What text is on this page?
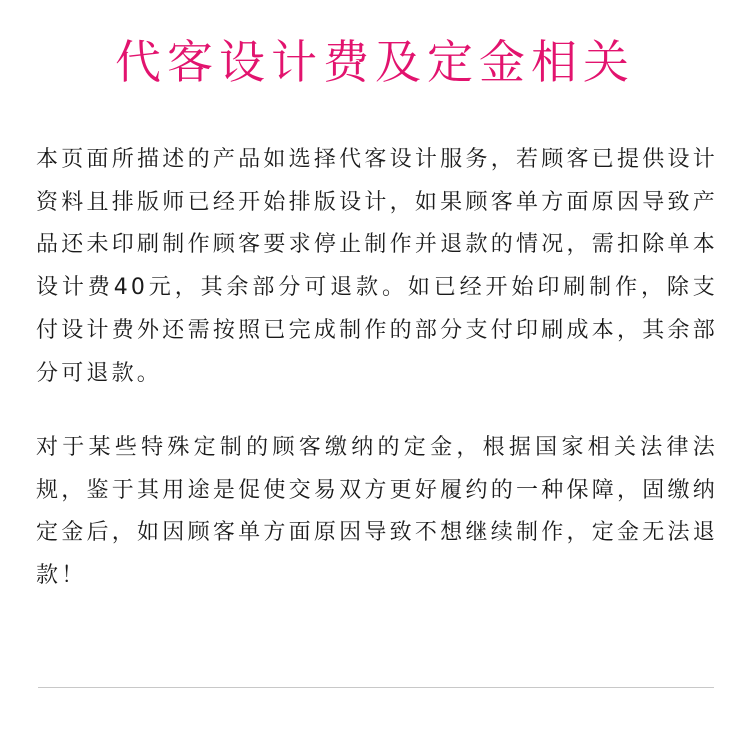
代客设计费及定金相关

本页面所描述的产品如选择代客设计服务，若顾客已提供设计资料且排版师已经开始排版设计，如果顾客单方面原因导致产品还未印刷制作顾客要求停止制作并退款的情况，需扣除单本设计费40元，其余部分可退款。如已经开始印刷制作，除支付设计费外还需按照已完成制作的部分支付印刷成本，其余部分可退款。

对于某些特殊定制的顾客缴纳的定金，根据国家相关法律法规，鉴于其用途是促使交易双方更好履约的一种保障，固缴纳定金后，如因顾客单方面原因导致不想继续制作，定金无法退款！
